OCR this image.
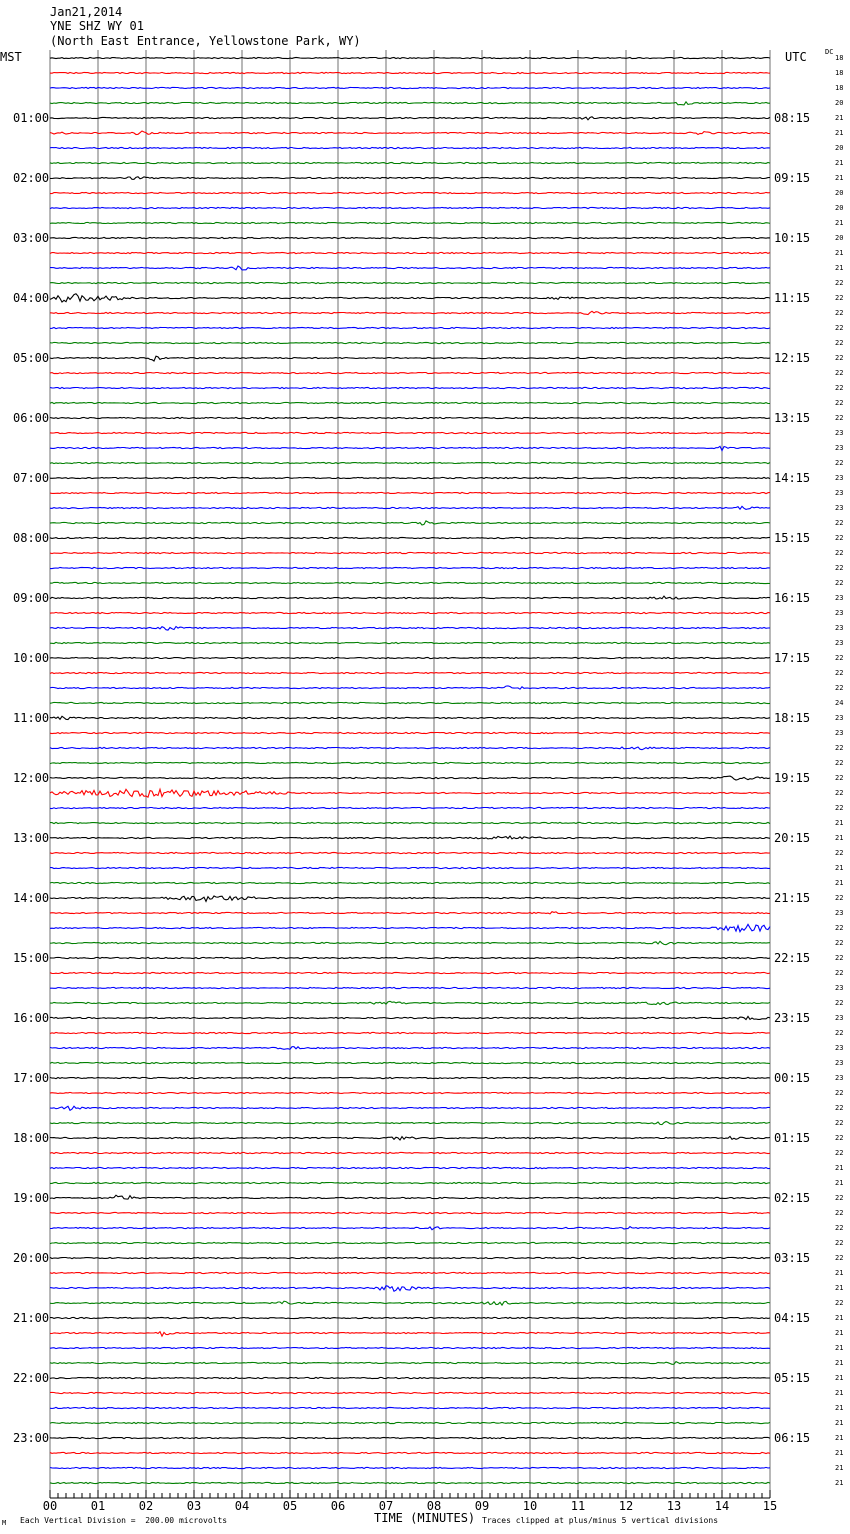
Jan21,2014
YNE SHZ WY 01
(North East Entrance, Yellowstone Park, WY)
MST	UTC	DC
01:00
02:00
03:00
04:00
05:00
06:00
07:00
08:00
09:00
10:00
11:00
12:00
13:00
14:00
15:00
16:00
17:00
18:00
19:00
20:00
21:00
22:00
23:00
08:15
09:15
10:15
11:15
12:15
13:15
14:15
15:15
16:15
17:15
18:15
19:15
20:15
21:15
22:15
23:15
00:15
01:15
02:15
03:15
04:15
05:15
06:15
18
18
18
20
21
21
20
21
21
20
20
21
20
21
21
22
22
22
22
22
22
22
22
22
22
23
23
22
23
23
23
22
22
22
22
22
23
23
23
23
22
22
22
24
23
23
22
22
22
22
22
21
21
22
21
21
22
23
22
22
22
22
23
22
23
22
23
23
23
22
22
22
22
22
21
21
22
22
22
22
22
21
21
22
21
21
21
21
21
21
21
21
21
21
21
21
00	01	02	03	04	05	06	07	08	09	10	11	12	13	14	15
M Each Vertical Division =  200.00 microvolts	TIME (MINUTES) Traces clipped at plus/minus 5 vertical divisions
